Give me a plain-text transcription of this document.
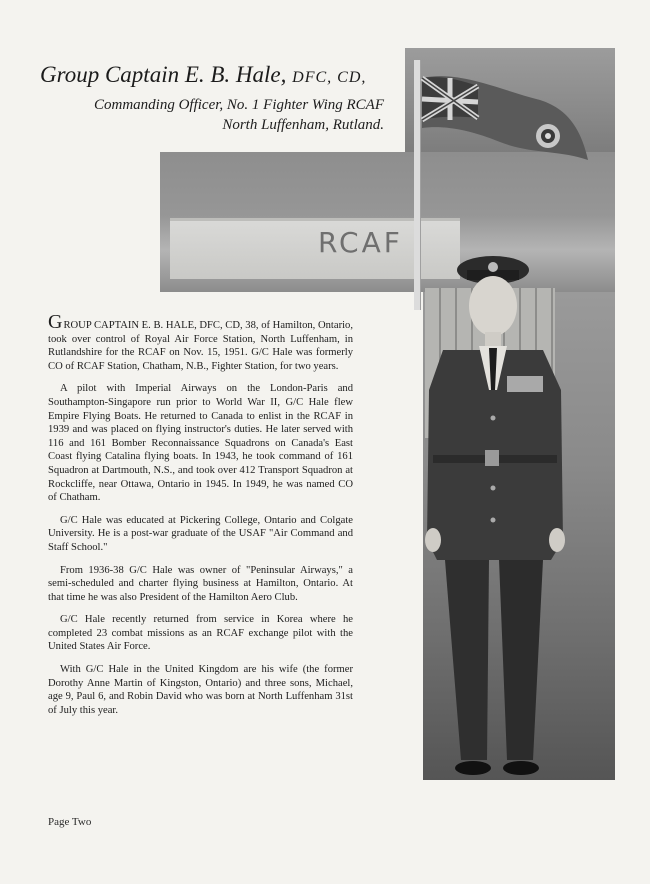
RCAF

Group Captain E. B. Hale, DFC, CD,

Commanding Officer, No. 1 Fighter Wing RCAF

North Luffenham, Rutland.

GROUP CAPTAIN E. B. HALE, DFC, CD, 38, of Hamilton, Ontario, took over control of Royal Air Force Station, North Luffenham, in Rutlandshire for the RCAF on Nov. 15, 1951. G/C Hale was formerly CO of RCAF Station, Chatham, N.B., Fighter Station, for two years.

A pilot with Imperial Airways on the London-Paris and Southampton-Singapore run prior to World War II, G/C Hale flew Empire Flying Boats. He returned to Canada to enlist in the RCAF in 1939 and was placed on flying instructor's duties. He later served with 116 and 161 Bomber Reconnaissance Squadrons on Canada's East Coast flying Catalina flying boats. In 1943, he took command of 161 Squadron at Dartmouth, N.S., and took over 412 Transport Squadron at Rockcliffe, near Ottawa, Ontario in 1945. In 1949, he was named CO of Chatham.

G/C Hale was educated at Pickering College, Ontario and Colgate University. He is a post-war graduate of the USAF "Air Command and Staff School."

From 1936-38 G/C Hale was owner of "Peninsular Airways," a semi-scheduled and charter flying business at Hamilton, Ontario. At that time he was also President of the Hamilton Aero Club.

G/C Hale recently returned from service in Korea where he completed 23 combat missions as an RCAF exchange pilot with the United States Air Force.

With G/C Hale in the United Kingdom are his wife (the former Dorothy Anne Martin of Kingston, Ontario) and three sons, Michael, age 9, Paul 6, and Robin David who was born at North Luffenham 31st of July this year.

Page Two
